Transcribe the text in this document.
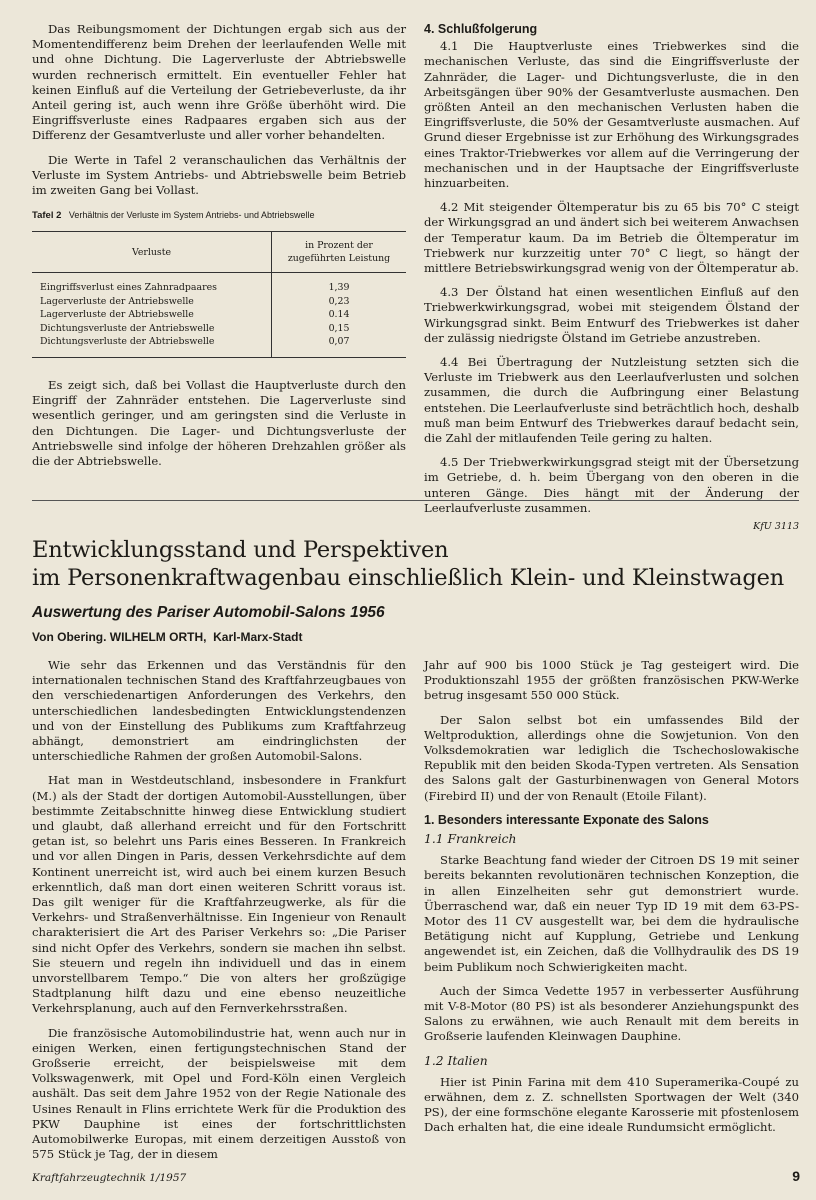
Das Reibungsmoment der Dichtungen ergab sich aus der Momentendifferenz beim Drehen der leerlaufenden Welle mit und ohne Dichtung. Die Lagerverluste der Abtriebswelle wurden rechnerisch ermittelt. Ein eventueller Fehler hat keinen Einfluß auf die Verteilung der Getriebeverluste, da ihr Anteil gering ist, auch wenn ihre Größe überhöht wird. Die Eingriffsverluste eines Radpaares ergaben sich aus der Differenz der Gesamtverluste und aller vorher behandelten.

Die Werte in Tafel 2 veranschaulichen das Verhältnis der Verluste im System Antriebs- und Abtriebswelle beim Betrieb im zweiten Gang bei Vollast.

Tafel 2 Verhältnis der Verluste im System Antriebs- und Abtriebswelle
Verluste	in Prozent der zugeführten Leistung
Eingriffsverlust eines Zahnradpaares	1,39
Lagerverluste der Antriebswelle	0,23
Lagerverluste der Abtriebswelle	0.14
Dichtungsverluste der Antriebswelle	0,15
Dichtungsverluste der Abtriebswelle	0,07

Es zeigt sich, daß bei Vollast die Hauptverluste durch den Eingriff der Zahnräder entstehen. Die Lagerverluste sind wesentlich geringer, und am geringsten sind die Verluste in den Dichtungen. Die Lager- und Dichtungsverluste der Antriebswelle sind infolge der höheren Drehzahlen größer als die der Abtriebswelle.

4. Schlußfolgerung

4.1 Die Hauptverluste eines Triebwerkes sind die mechanischen Verluste, das sind die Eingriffsverluste der Zahnräder, die Lager- und Dichtungsverluste, die in den Arbeitsgängen über 90% der Gesamtverluste ausmachen. Den größten Anteil an den mechanischen Verlusten haben die Eingriffsverluste, die 50% der Gesamtverluste ausmachen. Auf Grund dieser Ergebnisse ist zur Erhöhung des Wirkungsgrades eines Traktor-Triebwerkes vor allem auf die Verringerung der mechanischen und in der Hauptsache der Eingriffsverluste hinzuarbeiten.

4.2 Mit steigender Öltemperatur bis zu 65 bis 70° C steigt der Wirkungsgrad an und ändert sich bei weiterem Anwachsen der Temperatur kaum. Da im Betrieb die Öltemperatur im Triebwerk nur kurzzeitig unter 70° C liegt, so hängt der mittlere Betriebswirkungsgrad wenig von der Öltemperatur ab.

4.3 Der Ölstand hat einen wesentlichen Einfluß auf den Triebwerkwirkungsgrad, wobei mit steigendem Ölstand der Wirkungsgrad sinkt. Beim Entwurf des Triebwerkes ist daher der zulässig niedrigste Ölstand im Getriebe anzustreben.

4.4 Bei Übertragung der Nutzleistung setzten sich die Verluste im Triebwerk aus den Leerlaufverlusten und solchen zusammen, die durch die Aufbringung einer Belastung entstehen. Die Leerlaufverluste sind beträchtlich hoch, deshalb muß man beim Entwurf des Triebwerkes darauf bedacht sein, die Zahl der mitlaufenden Teile gering zu halten.

4.5 Der Triebwerkwirkungsgrad steigt mit der Übersetzung im Getriebe, d. h. beim Übergang von den oberen in die unteren Gänge. Dies hängt mit der Änderung der Leerlaufverluste zusammen.

KfU 3113
Entwicklungsstand und Perspektiven
im Personenkraftwagenbau einschließlich Klein- und Kleinstwagen
Auswertung des Pariser Automobil-Salons 1956
Von Obering. WILHELM ORTH, Karl-Marx-Stadt

Wie sehr das Erkennen und das Verständnis für den internationalen technischen Stand des Kraftfahrzeugbaues von den verschiedenartigen Anforderungen des Verkehrs, den unterschiedlichen landesbedingten Entwicklungstendenzen und von der Einstellung des Publikums zum Kraftfahrzeug abhängt, demonstriert am eindringlichsten der unterschiedliche Rahmen der großen Automobil-Salons.

Hat man in Westdeutschland, insbesondere in Frankfurt (M.) als der Stadt der dortigen Automobil-Ausstellungen, über bestimmte Zeitabschnitte hinweg diese Entwicklung studiert und glaubt, daß allerhand erreicht und für den Fortschritt getan ist, so belehrt uns Paris eines Besseren. In Frankreich und vor allen Dingen in Paris, dessen Verkehrsdichte auf dem Kontinent unerreicht ist, wird auch bei einem kurzen Besuch erkenntlich, daß man dort einen weiteren Schritt voraus ist. Das gilt weniger für die Kraftfahrzeugwerke, als für die Verkehrs- und Straßenverhältnisse. Ein Ingenieur von Renault charakterisiert die Art des Pariser Verkehrs so: „Die Pariser sind nicht Opfer des Verkehrs, sondern sie machen ihn selbst. Sie steuern und regeln ihn individuell und das in einem unvorstellbarem Tempo.“ Die von alters her großzügige Stadtplanung hilft dazu und eine ebenso neuzeitliche Verkehrsplanung, auch auf den Fernverkehrsstraßen.

Die französische Automobilindustrie hat, wenn auch nur in einigen Werken, einen fertigungstechnischen Stand der Großserie erreicht, der beispielsweise mit dem Volkswagenwerk, mit Opel und Ford-Köln einen Vergleich aushält. Das seit dem Jahre 1952 von der Regie Nationale des Usines Renault in Flins errichtete Werk für die Produktion des PKW Dauphine ist eines der fortschrittlichsten Automobilwerke Europas, mit einem derzeitigen Ausstoß von 575 Stück je Tag, der in diesem

Jahr auf 900 bis 1000 Stück je Tag gesteigert wird. Die Produktionszahl 1955 der größten französischen PKW-Werke betrug insgesamt 550 000 Stück.

Der Salon selbst bot ein umfassendes Bild der Weltproduktion, allerdings ohne die Sowjetunion. Von den Volksdemokratien war lediglich die Tschechoslowakische Republik mit den beiden Skoda-Typen vertreten. Als Sensation des Salons galt der Gasturbinenwagen von General Motors (Firebird II) und der von Renault (Etoile Filant).

1. Besonders interessante Exponate des Salons
1.1 Frankreich

Starke Beachtung fand wieder der Citroen DS 19 mit seiner bereits bekannten revolutionären technischen Konzeption, die in allen Einzelheiten sehr gut demonstriert wurde. Überraschend war, daß ein neuer Typ ID 19 mit dem 63-PS-Motor des 11 CV ausgestellt war, bei dem die hydraulische Betätigung nicht auf Kupplung, Getriebe und Lenkung angewendet ist, ein Zeichen, daß die Vollhydraulik des DS 19 beim Publikum noch Schwierigkeiten macht.

Auch der Simca Vedette 1957 in verbesserter Ausführung mit V-8-Motor (80 PS) ist als besonderer Anziehungspunkt des Salons zu erwähnen, wie auch Renault mit dem bereits in Großserie laufenden Kleinwagen Dauphine.

1.2 Italien

Hier ist Pinin Farina mit dem 410 Superamerika-Coupé zu erwähnen, dem z. Z. schnellsten Sportwagen der Welt (340 PS), der eine formschöne elegante Karosserie mit pfostenlosem Dach erhalten hat, die eine ideale Rundumsicht ermöglicht.

Kraftfahrzeugtechnik 1/1957	9
